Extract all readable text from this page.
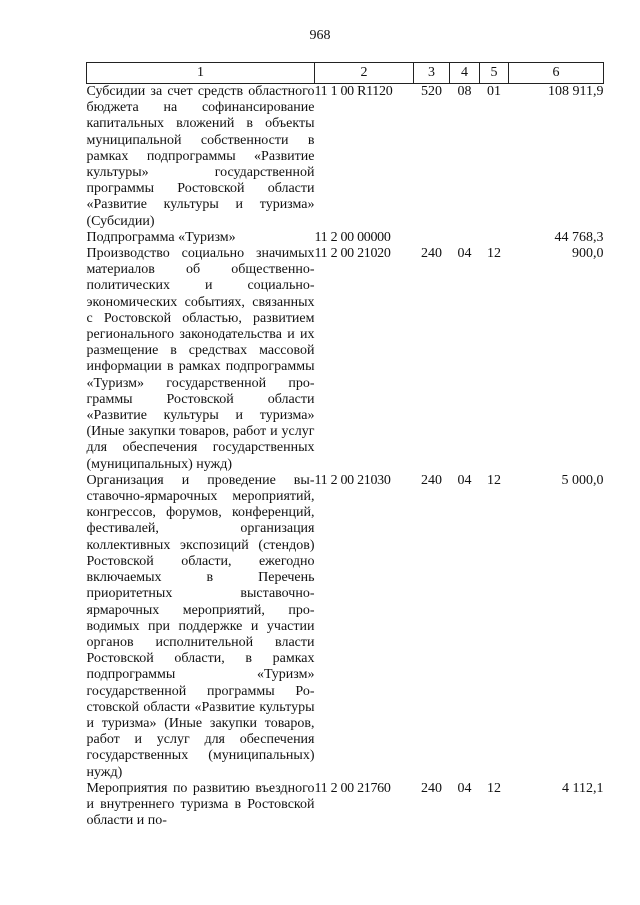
968
1	2	3	4	5	6
Субсидии за счет средств областного бюджета на софинансирование капитальных вложений в объекты муниципальной собственности в рамках подпрограммы «Развитие культуры» государственной программы Ростовской области «Развитие культуры и туризма» (Субсидии)	11 1 00 R1120	520	08	01	108 911,9
Подпрограмма «Туризм»	11 2 00 00000				44 768,3
Производство социально значимых материалов об общественно-политических и социально-экономических событиях, связанных с Ростовской областью, развитием регионального законодательства и их размещение в средствах массовой информации в рамках подпрограммы «Туризм» государственной программы Ростовской области «Развитие культуры и туризма» (Иные закупки товаров, работ и услуг для обеспечения государственных (муниципальных) нужд)	11 2 00 21020	240	04	12	900,0
Организация и проведение выставочно-ярмарочных мероприятий, конгрессов, форумов, конференций, фестивалей, организация коллективных экспозиций (стендов) Ростовской области, ежегодно включаемых в Перечень приоритетных выставочно-ярмарочных мероприятий, проводимых при поддержке и участии органов исполнительной власти Ростовской области, в рамках подпрограммы «Туризм» государственной программы Ростовской области «Развитие культуры и туризма» (Иные закупки товаров, работ и услуг для обеспечения государственных (муниципальных) нужд)	11 2 00 21030	240	04	12	5 000,0
Мероприятия по развитию въездного и внутреннего туризма в Ростовской области и по-	11 2 00 21760	240	04	12	4 112,1
